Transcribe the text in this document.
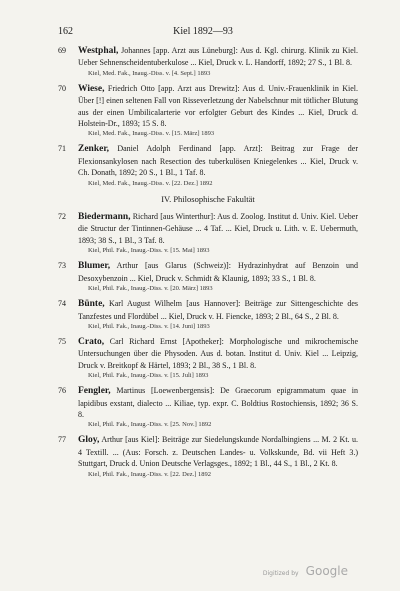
162	Kiel 1892—93
69 Westphal, Johannes [app. Arzt aus Lüneburg]: Aus d. Kgl. chirurg. Klinik zu Kiel. Ueber Sehnenscheidentuberkulose ... Kiel, Druck v. L. Handorff, 1892; 27 S., 1 Bl. 8.
Kiel, Med. Fak., Inaug.-Diss. v. [4. Sept.] 1893
70 Wiese, Friedrich Otto [app. Arzt aus Drewitz]: Aus d. Univ.-Frauenklinik in Kiel. Über [!] einen seltenen Fall von Risseverletzung der Nabelschnur mit tötlicher Blutung aus der einen Umbilicalarterie vor erfolgter Geburt des Kindes ... Kiel, Druck d. Holstein-Dr., 1893; 15 S. 8.
Kiel, Med. Fak., Inaug.-Diss. v. [15. März] 1893
71 Zenker, Daniel Adolph Ferdinand [app. Arzt]: Beitrag zur Frage der Flexionsankylosen nach Resection des tuberkulösen Kniegelenkes ... Kiel, Druck v. Ch. Donath, 1892; 20 S., 1 Bl., 1 Taf. 8.
Kiel, Med. Fak., Inaug.-Diss. v. [22. Dez.] 1892
IV. Philosophische Fakultät
72 Biedermann, Richard [aus Winterthur]: Aus d. Zoolog. Institut d. Univ. Kiel. Ueber die Structur der Tintinnen-Gehäuse ... 4 Taf. ... Kiel, Druck u. Lith. v. E. Uebermuth, 1893; 38 S., 1 Bl., 3 Taf. 8.
Kiel, Phil. Fak., Inaug.-Diss. v. [15. Mai] 1893
73 Blumer, Arthur [aus Glarus (Schweiz)]: Hydrazinhydrat auf Benzoin und Desoxybenzoin ... Kiel, Druck v. Schmidt & Klaunig, 1893; 33 S., 1 Bl. 8.
Kiel, Phil. Fak., Inaug.-Diss. v. [20. März] 1893
74 Bünte, Karl August Wilhelm [aus Hannover]: Beiträge zur Sittengeschichte des Tanzfestes und Flordübel ... Kiel, Druck v. H. Fiencke, 1893; 2 Bl., 64 S., 2 Bl. 8.
Kiel, Phil. Fak., Inaug.-Diss. v. [14. Juni] 1893
75 Crato, Carl Richard Ernst [Apotheker]: Morphologische und mikrochemische Untersuchungen über die Physoden. Aus d. botan. Institut d. Univ. Kiel ... Leipzig, Druck v. Breitkopf & Härtel, 1893; 2 Bl., 38 S., 1 Bl. 8.
Kiel, Phil. Fak., Inaug.-Diss. v. [15. Juli] 1893
76 Fengler, Martinus [Loewenbergensis]: De Graecorum epigrammatum quae in lapidibus exstant, dialecto ... Kiliae, typ. expr. C. Boldtius Rostochiensis, 1892; 36 S. 8.
Kiel, Phil. Fak., Inaug.-Diss. v. [25. Nov.] 1892
77 Gloy, Arthur [aus Kiel]: Beiträge zur Siedelungskunde Nordalbingiens ... M. 2 Kt. u. 4 Textill. ... (Aus: Forsch. z. Deutschen Landes- u. Volkskunde, Bd. vii Heft 3.) Stuttgart, Druck d. Union Deutsche Verlagsges., 1892; 1 Bl., 44 S., 1 Bl., 2 Kt. 8.
Kiel, Phil. Fak., Inaug.-Diss. v. [22. Dez.] 1892
Digitized by Google
